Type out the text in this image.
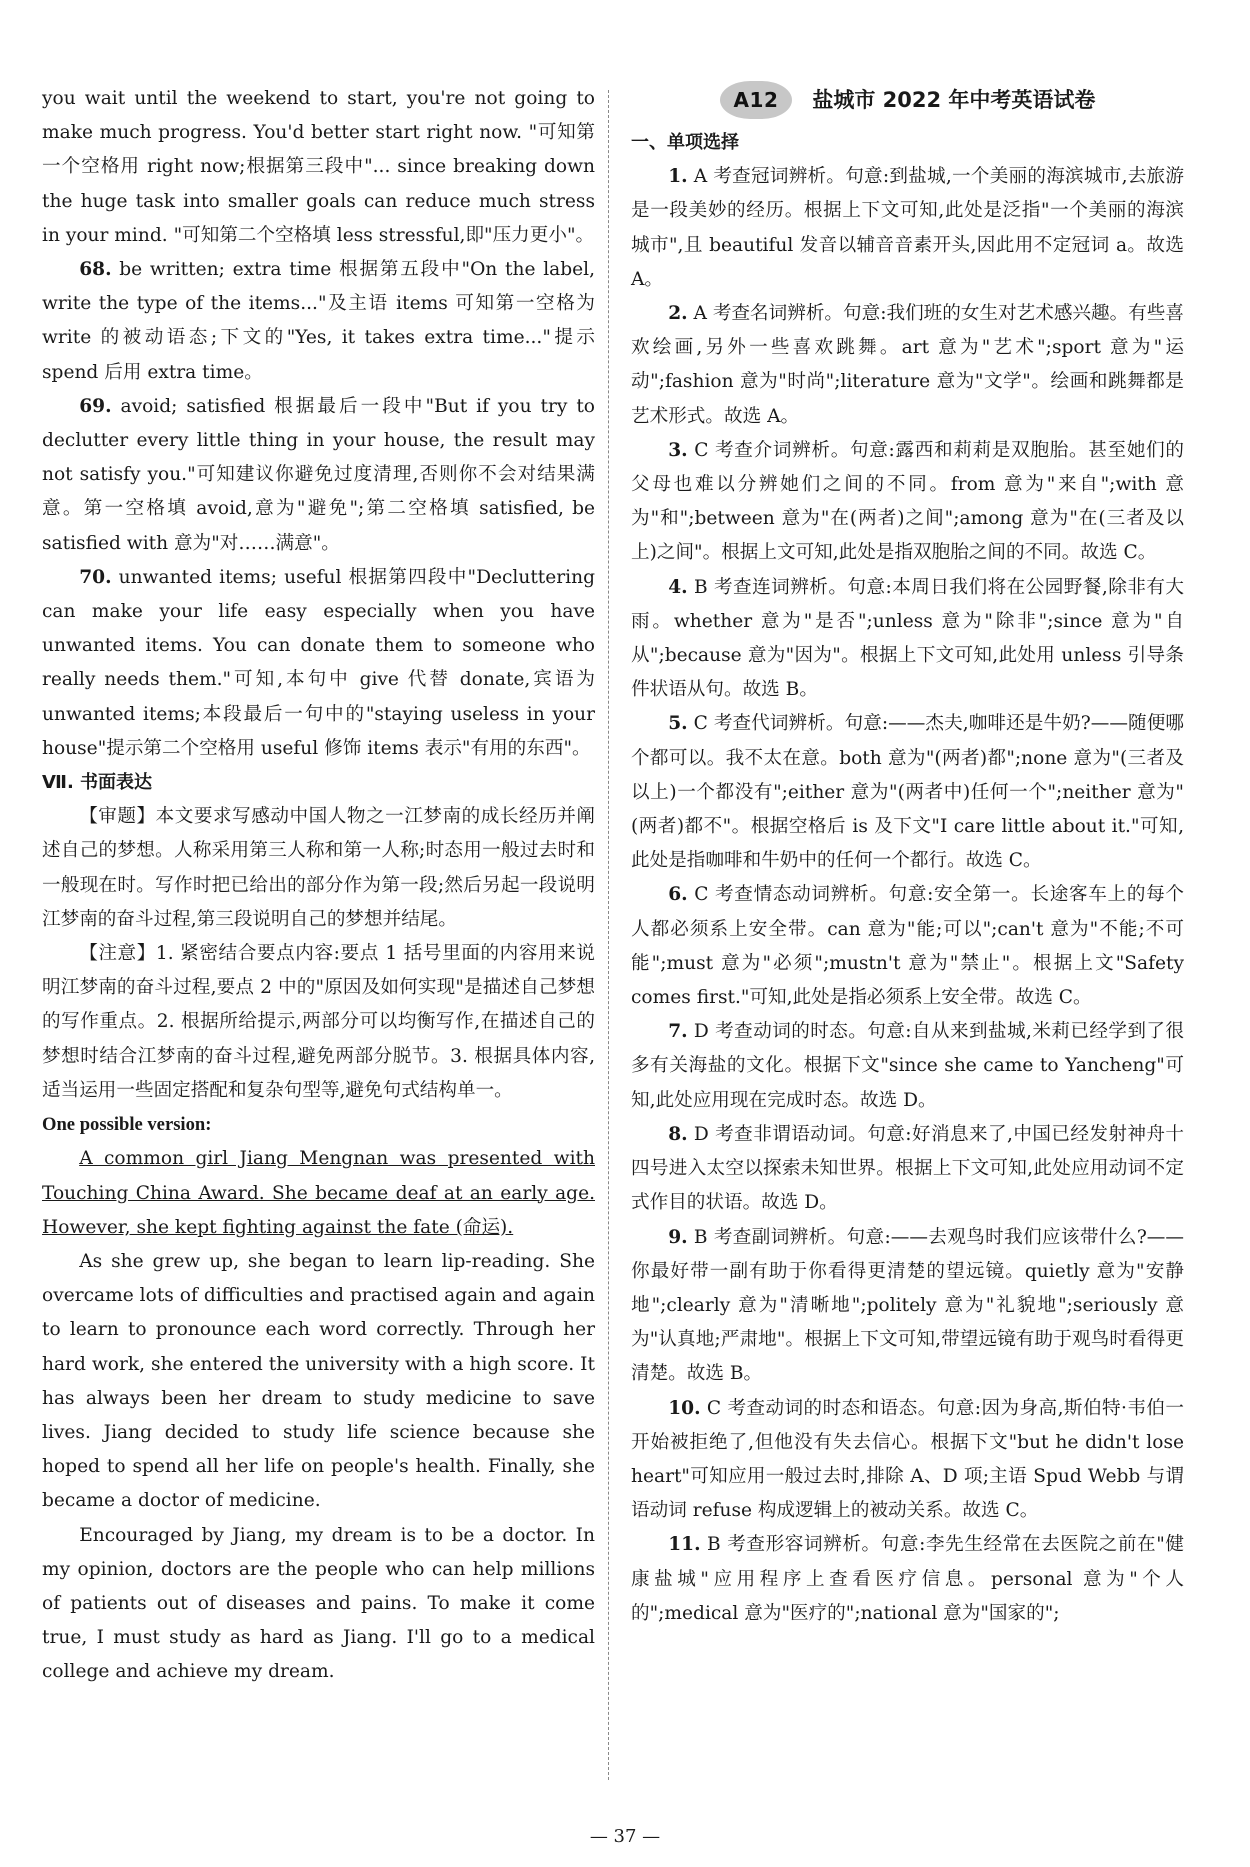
you wait until the weekend to start, you're not going to make much progress. You'd better start right now. "可知第一个空格用 right now;根据第三段中"... since breaking down the huge task into smaller goals can reduce much stress in your mind. "可知第二个空格填 less stressful,即"压力更小"。

68. be written; extra time 根据第五段中"On the label, write the type of the items..."及主语 items 可知第一空格为 write 的被动语态;下文的"Yes, it takes extra time..."提示 spend 后用 extra time。

69. avoid; satisfied 根据最后一段中"But if you try to declutter every little thing in your house, the result may not satisfy you."可知建议你避免过度清理,否则你不会对结果满意。第一空格填 avoid,意为"避免";第二空格填 satisfied, be satisfied with 意为"对……满意"。

70. unwanted items; useful 根据第四段中"Decluttering can make your life easy especially when you have unwanted items. You can donate them to someone who really needs them."可知,本句中 give 代替 donate,宾语为 unwanted items;本段最后一句中的"staying useless in your house"提示第二个空格用 useful 修饰 items 表示"有用的东西"。

Ⅶ. 书面表达

【审题】本文要求写感动中国人物之一江梦南的成长经历并阐述自己的梦想。人称采用第三人称和第一人称;时态用一般过去时和一般现在时。写作时把已给出的部分作为第一段;然后另起一段说明江梦南的奋斗过程,第三段说明自己的梦想并结尾。

【注意】1. 紧密结合要点内容:要点 1 括号里面的内容用来说明江梦南的奋斗过程,要点 2 中的"原因及如何实现"是描述自己梦想的写作重点。2. 根据所给提示,两部分可以均衡写作,在描述自己的梦想时结合江梦南的奋斗过程,避免两部分脱节。3. 根据具体内容,适当运用一些固定搭配和复杂句型等,避免句式结构单一。

One possible version:

A common girl Jiang Mengnan was presented with Touching China Award. She became deaf at an early age. However, she kept fighting against the fate (命运).

As she grew up, she began to learn lip-reading. She overcame lots of difficulties and practised again and again to learn to pronounce each word correctly. Through her hard work, she entered the university with a high score. It has always been her dream to study medicine to save lives. Jiang decided to study life science because she hoped to spend all her life on people's health. Finally, she became a doctor of medicine.

Encouraged by Jiang, my dream is to be a doctor. In my opinion, doctors are the people who can help millions of patients out of diseases and pains. To make it come true, I must study as hard as Jiang. I'll go to a medical college and achieve my dream.

A12	盐城市 2022 年中考英语试卷

一、单项选择

1. A 考查冠词辨析。句意:到盐城,一个美丽的海滨城市,去旅游是一段美妙的经历。根据上下文可知,此处是泛指"一个美丽的海滨城市",且 beautiful 发音以辅音音素开头,因此用不定冠词 a。故选 A。

2. A 考查名词辨析。句意:我们班的女生对艺术感兴趣。有些喜欢绘画,另外一些喜欢跳舞。art 意为"艺术";sport 意为"运动";fashion 意为"时尚";literature 意为"文学"。绘画和跳舞都是艺术形式。故选 A。

3. C 考查介词辨析。句意:露西和莉莉是双胞胎。甚至她们的父母也难以分辨她们之间的不同。from 意为"来自";with 意为"和";between 意为"在(两者)之间";among 意为"在(三者及以上)之间"。根据上文可知,此处是指双胞胎之间的不同。故选 C。

4. B 考查连词辨析。句意:本周日我们将在公园野餐,除非有大雨。whether 意为"是否";unless 意为"除非";since 意为"自从";because 意为"因为"。根据上下文可知,此处用 unless 引导条件状语从句。故选 B。

5. C 考查代词辨析。句意:——杰夫,咖啡还是牛奶?——随便哪个都可以。我不太在意。both 意为"(两者)都";none 意为"(三者及以上)一个都没有";either 意为"(两者中)任何一个";neither 意为"(两者)都不"。根据空格后 is 及下文"I care little about it."可知,此处是指咖啡和牛奶中的任何一个都行。故选 C。

6. C 考查情态动词辨析。句意:安全第一。长途客车上的每个人都必须系上安全带。can 意为"能;可以";can't 意为"不能;不可能";must 意为"必须";mustn't 意为"禁止"。根据上文"Safety comes first."可知,此处是指必须系上安全带。故选 C。

7. D 考查动词的时态。句意:自从来到盐城,米莉已经学到了很多有关海盐的文化。根据下文"since she came to Yancheng"可知,此处应用现在完成时态。故选 D。

8. D 考查非谓语动词。句意:好消息来了,中国已经发射神舟十四号进入太空以探索未知世界。根据上下文可知,此处应用动词不定式作目的状语。故选 D。

9. B 考查副词辨析。句意:——去观鸟时我们应该带什么?——你最好带一副有助于你看得更清楚的望远镜。quietly 意为"安静地";clearly 意为"清晰地";politely 意为"礼貌地";seriously 意为"认真地;严肃地"。根据上下文可知,带望远镜有助于观鸟时看得更清楚。故选 B。

10. C 考查动词的时态和语态。句意:因为身高,斯伯特·韦伯一开始被拒绝了,但他没有失去信心。根据下文"but he didn't lose heart"可知应用一般过去时,排除 A、D 项;主语 Spud Webb 与谓语动词 refuse 构成逻辑上的被动关系。故选 C。

11. B 考查形容词辨析。句意:李先生经常在去医院之前在"健康盐城"应用程序上查看医疗信息。personal 意为"个人的";medical 意为"医疗的";national 意为"国家的";

— 37 —
